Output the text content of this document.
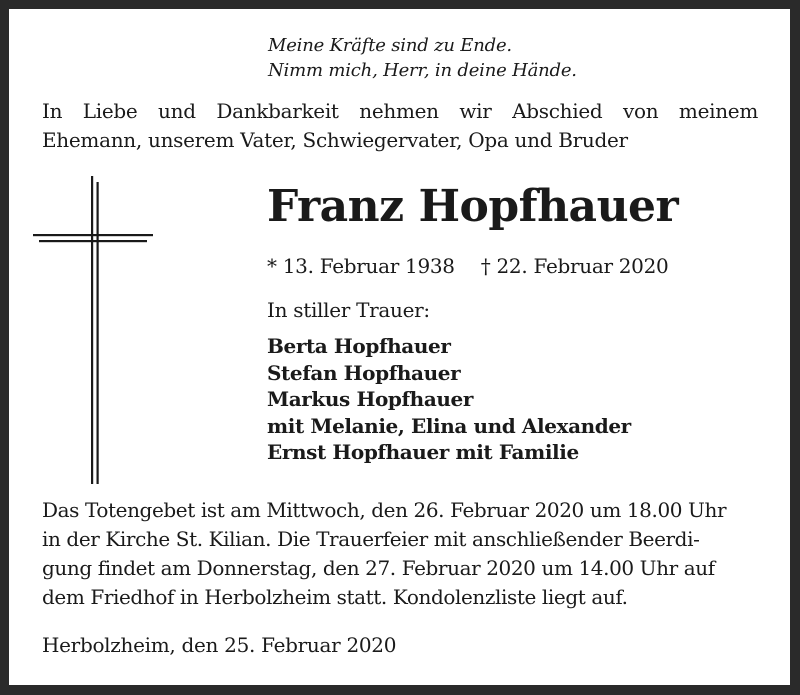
Meine Kräfte sind zu Ende.
Nimm mich, Herr, in deine Hände.
In Liebe und Dankbarkeit nehmen wir Abschied von meinem
Ehemann, unserem Vater, Schwiegervater, Opa und Bruder
Franz Hopfhauer
* 13. Februar 1938 † 22. Februar 2020
In stiller Trauer:
Berta Hopfhauer
Stefan Hopfhauer
Markus Hopfhauer
mit Melanie, Elina und Alexander
Ernst Hopfhauer mit Familie
Das Totengebet ist am Mittwoch, den 26. Februar 2020 um 18.00 Uhr
in der Kirche St. Kilian. Die Trauerfeier mit anschließender Beerdi-
gung findet am Donnerstag, den 27. Februar 2020 um 14.00 Uhr auf
dem Friedhof in Herbolzheim statt. Kondolenzliste liegt auf.
Herbolzheim, den 25. Februar 2020
